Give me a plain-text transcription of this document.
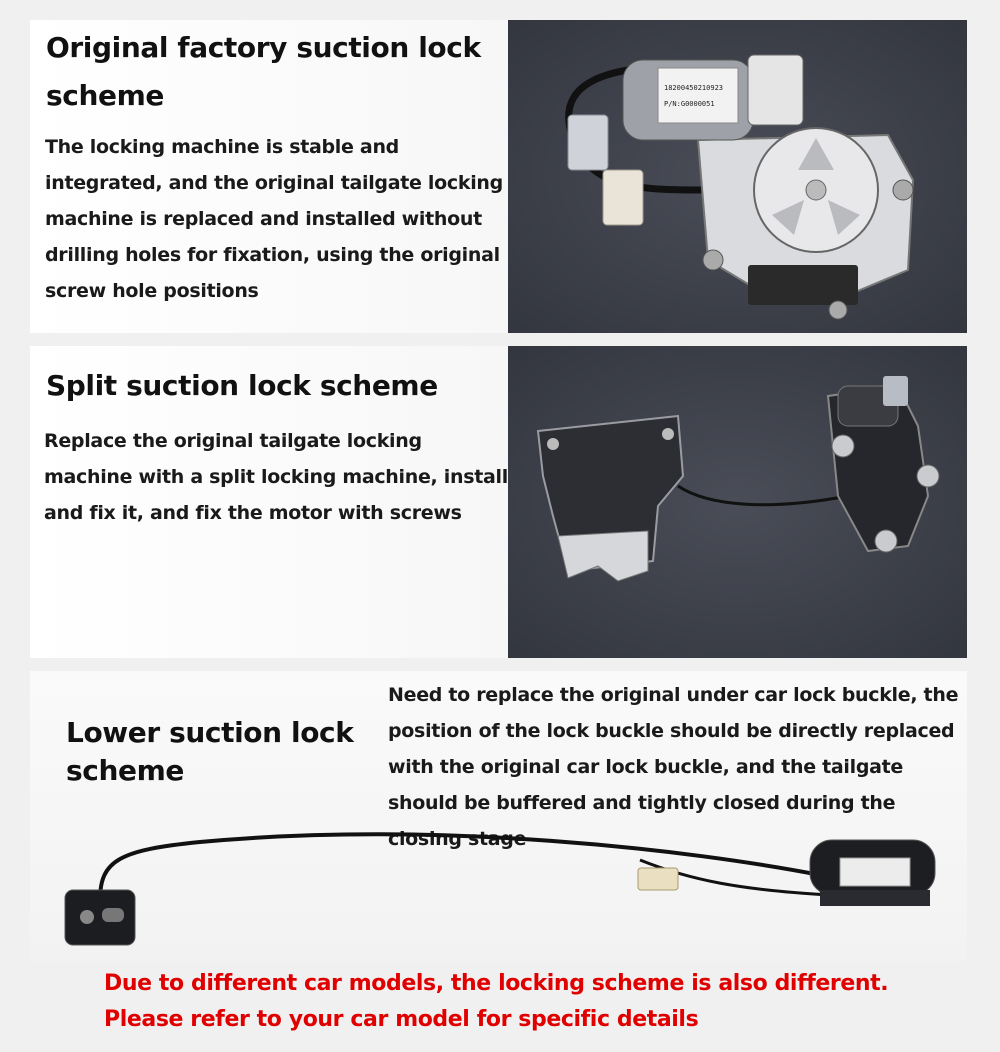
Original factory suction lock scheme

The locking machine is stable and integrated, and the original tailgate locking machine is replaced and installed without drilling holes for fixation, using the original screw hole positions

18200450210923
P/N:G0000051
Split suction lock scheme

Replace the original tailgate locking machine with a split locking machine, install and fix it, and fix the motor with screws

Lower suction lock scheme

Need to replace the original under car lock buckle, the position of the lock buckle should be directly replaced with the original car lock buckle, and the tailgate should be buffered and tightly closed during the closing stage

Due to different car models, the locking scheme is also different. Please refer to your car model for specific details
